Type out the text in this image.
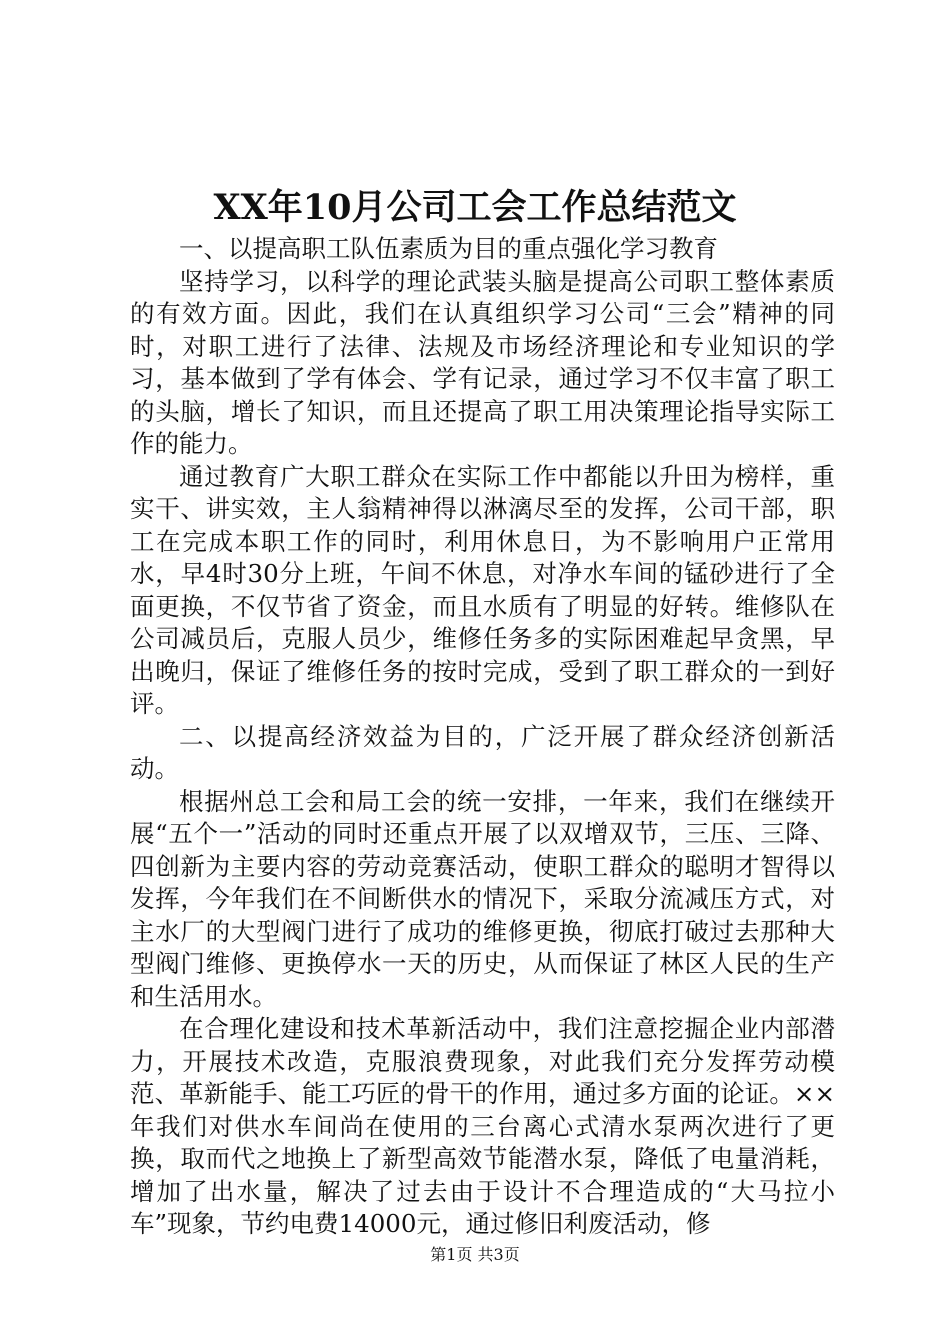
XX年10月公司工会工作总结范文

一、以提高职工队伍素质为目的重点强化学习教育

坚持学习，以科学的理论武装头脑是提高公司职工整体素质的有效方面。因此，我们在认真组织学习公司“三会”精神的同时，对职工进行了法律、法规及市场经济理论和专业知识的学习，基本做到了学有体会、学有记录，通过学习不仅丰富了职工的头脑，增长了知识，而且还提高了职工用决策理论指导实际工作的能力。

通过教育广大职工群众在实际工作中都能以升田为榜样，重实干、讲实效，主人翁精神得以淋漓尽至的发挥，公司干部，职工在完成本职工作的同时，利用休息日，为不影响用户正常用水，早4时30分上班，午间不休息，对净水车间的锰砂进行了全面更换，不仅节省了资金，而且水质有了明显的好转。维修队在公司减员后，克服人员少，维修任务多的实际困难起早贪黑，早出晚归，保证了维修任务的按时完成，受到了职工群众的一到好评。

二、以提高经济效益为目的，广泛开展了群众经济创新活动。

根据州总工会和局工会的统一安排，一年来，我们在继续开展“五个一”活动的同时还重点开展了以双增双节，三压、三降、四创新为主要内容的劳动竞赛活动，使职工群众的聪明才智得以发挥，今年我们在不间断供水的情况下，采取分流减压方式，对主水厂的大型阀门进行了成功的维修更换，彻底打破过去那种大型阀门维修、更换停水一天的历史，从而保证了林区人民的生产和生活用水。

在合理化建设和技术革新活动中，我们注意挖掘企业内部潜力，开展技术改造，克服浪费现象，对此我们充分发挥劳动模范、革新能手、能工巧匠的骨干的作用，通过多方面的论证。××年我们对供水车间尚在使用的三台离心式清水泵两次进行了更换，取而代之地换上了新型高效节能潜水泵，降低了电量消耗，增加了出水量，解决了过去由于设计不合理造成的“大马拉小车”现象，节约电费14000元，通过修旧利废活动，修

第1页 共3页
